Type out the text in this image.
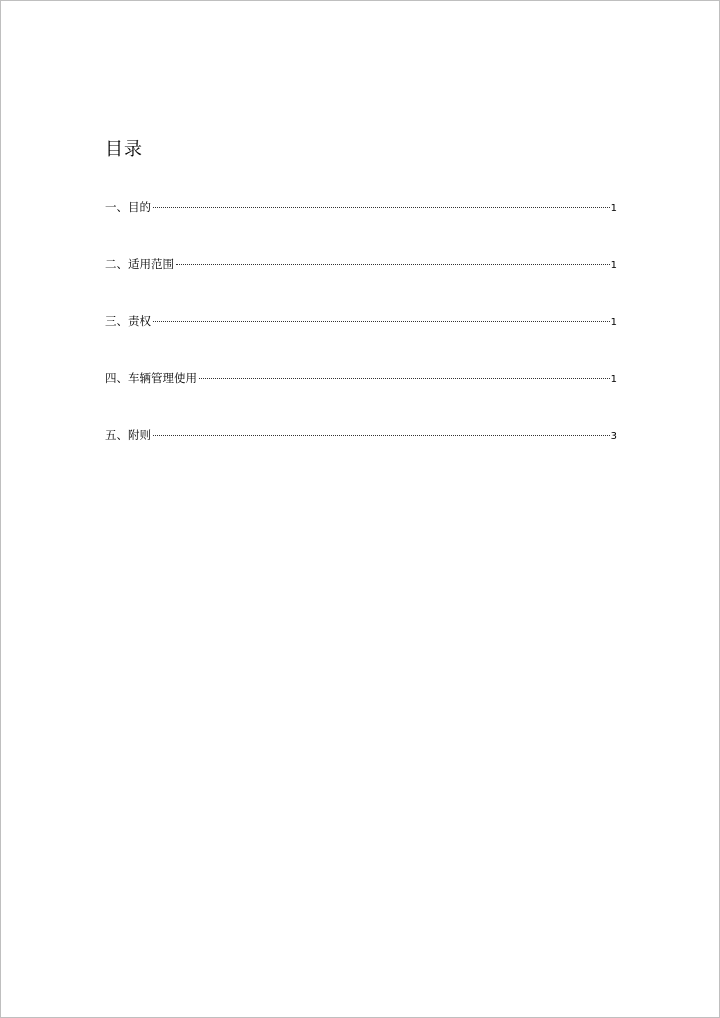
目录
一、目的	1
二、适用范围	1
三、责权	1
四、车辆管理使用	1
五、附则	3
